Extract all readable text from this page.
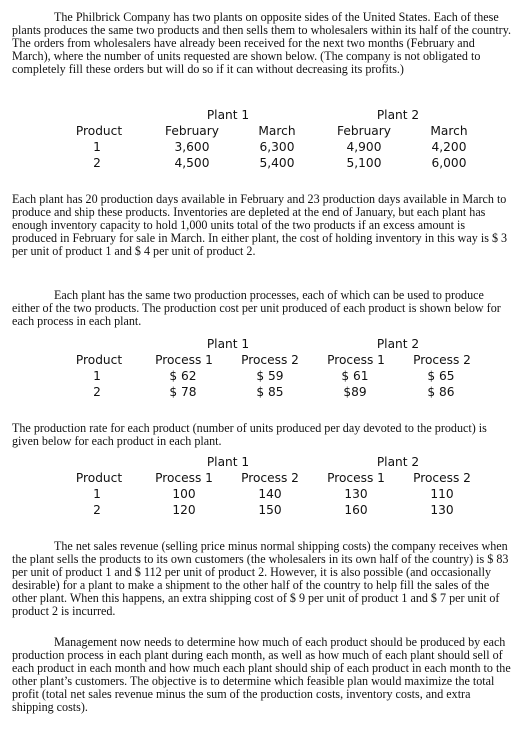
The Philbrick Company has two plants on opposite sides of the United States. Each of these plants produces the same two products and then sells them to wholesalers within its half of the country. The orders from wholesalers have already been received for the next two months (February and March), where the number of units requested are shown below. (The company is not obligated to completely fill these orders but will do so if it can without decreasing its profits.)

Plant 1	Plant 2
Product	February	March	February	March
1	3,600	6,300	4,900	4,200
2	4,500	5,400	5,100	6,000

Each plant has 20 production days available in February and 23 production days available in March to produce and ship these products. Inventories are depleted at the end of January, but each plant has enough inventory capacity to hold 1,000 units total of the two products if an excess amount is produced in February for sale in March. In either plant, the cost of holding inventory in this way is $ 3 per unit of product 1 and $ 4 per unit of product 2.

Each plant has the same two production processes, each of which can be used to produce either of the two products. The production cost per unit produced of each product is shown below for each process in each plant.

Plant 1	Plant 2
Product	Process 1 Process 2 Process 1 Process 2
1	$ 62	$ 59	$ 61	$ 65
2	$ 78	$ 85	$89	$ 86

The production rate for each product (number of units produced per day devoted to the product) is given below for each product in each plant.

Plant 1	Plant 2
Product	Process 1 Process 2 Process 1 Process 2
1	100	140	130	110
2	120	150	160	130

The net sales revenue (selling price minus normal shipping costs) the company receives when the plant sells the products to its own customers (the wholesalers in its own half of the country) is $ 83 per unit of product 1 and $ 112 per unit of product 2. However, it is also possible (and occasionally desirable) for a plant to make a shipment to the other half of the country to help fill the sales of the other plant. When this happens, an extra shipping cost of $ 9 per unit of product 1 and $ 7 per unit of product 2 is incurred.

Management now needs to determine how much of each product should be produced by each production process in each plant during each month, as well as how much of each plant should sell of each product in each month and how much each plant should ship of each product in each month to the other plant’s customers. The objective is to determine which feasible plan would maximize the total profit (total net sales revenue minus the sum of the production costs, inventory costs, and extra shipping costs).
